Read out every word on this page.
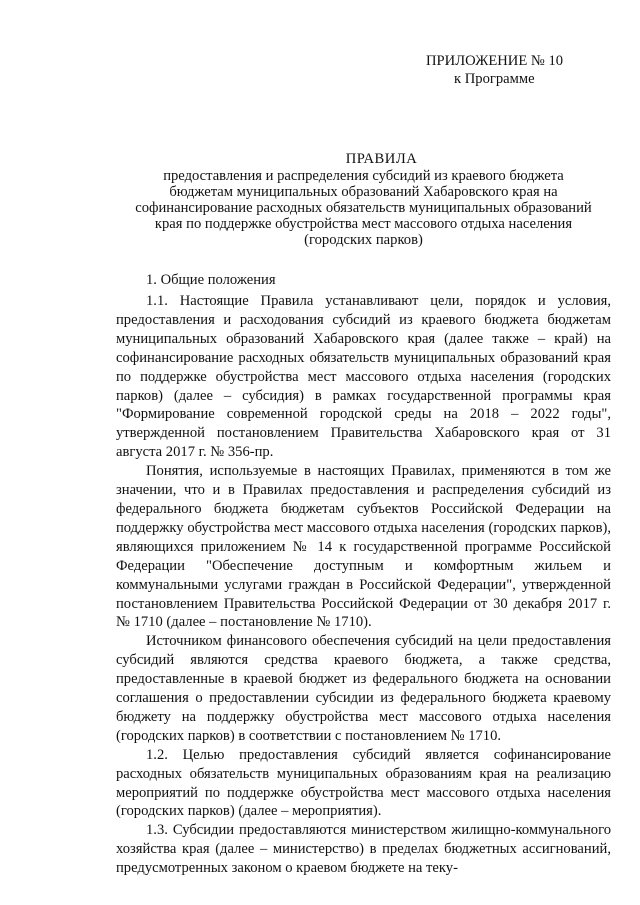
ПРИЛОЖЕНИЕ № 10
к Программе
ПРАВИЛА
предоставления и распределения субсидий из краевого бюджета
бюджетам муниципальных образований Хабаровского края на
софинансирование расходных обязательств муниципальных образований
края по поддержке обустройства мест массового отдыха населения
(городских парков)
1. Общие положения

1.1. Настоящие Правила устанавливают цели, порядок и условия, предоставления и расходования субсидий из краевого бюджета бюджетам муниципальных образований Хабаровского края (далее также – край) на софинансирование расходных обязательств муниципальных образований края по поддержке обустройства мест массового отдыха населения (городских парков) (далее – субсидия) в рамках государственной программы края "Формирование современной городской среды на 2018 – 2022 годы", утвержденной постановлением Правительства Хабаровского края от 31 августа 2017 г. № 356-пр.

Понятия, используемые в настоящих Правилах, применяются в том же значении, что и в Правилах предоставления и распределения субсидий из федерального бюджета бюджетам субъектов Российской Федерации на поддержку обустройства мест массового отдыха населения (городских парков), являющихся приложением № 14 к государственной программе Российской Федерации "Обеспечение доступным и комфортным жильем и коммунальными услугами граждан в Российской Федерации", утвержденной постановлением Правительства Российской Федерации от 30 декабря 2017 г. № 1710 (далее – постановление № 1710).

Источником финансового обеспечения субсидий на цели предоставления субсидий являются средства краевого бюджета, а также средства, предоставленные в краевой бюджет из федерального бюджета на основании соглашения о предоставлении субсидии из федерального бюджета краевому бюджету на поддержку обустройства мест массового отдыха населения (городских парков) в соответствии с постановлением № 1710.

1.2. Целью предоставления субсидий является софинансирование расходных обязательств муниципальных образованиям края на реализацию мероприятий по поддержке обустройства мест массового отдыха населения (городских парков) (далее – мероприятия).

1.3. Субсидии предоставляются министерством жилищно-коммунального хозяйства края (далее – министерство) в пределах бюджетных ассигнований, предусмотренных законом о краевом бюджете на теку-
